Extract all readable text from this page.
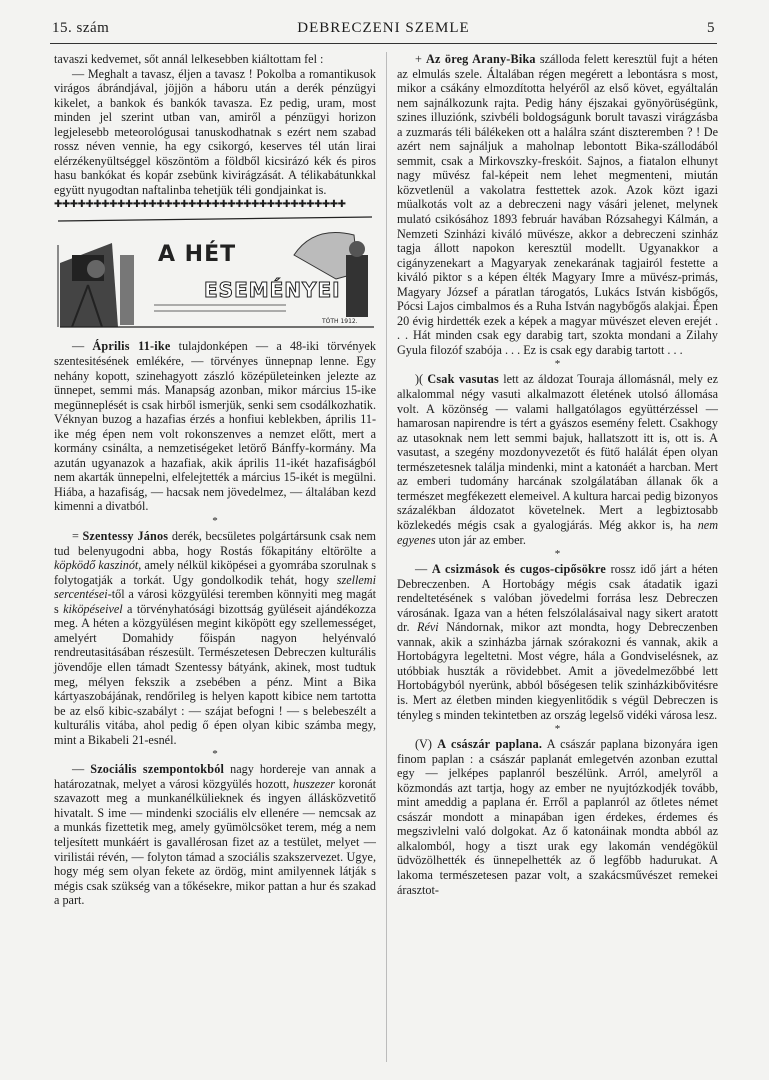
15. szám	DEBRECZENI SZEMLE	5

tavaszi kedvemet, sőt annál lelkesebben kiáltottam fel :

— Meghalt a tavasz, éljen a tavasz ! Pokolba a romantikusok virágos ábrándjával, jöjjön a háboru után a derék pénzügyi kikelet, a bankok és bankók tavasza. Ez pedig, uram, most minden jel szerint utban van, amiről a pénzügyi horizon legjelesebb meteorológusai tanuskodhatnak s ezért nem szabad rossz néven vennie, ha egy csikorgó, keserves tél után lirai elérzékenyültséggel köszöntöm a földből kicsirázó kék és piros hasu bankókat és kopár zsebünk kivirágzását. A télikabátunkkal együtt nyugodtan naftalinba tehetjük téli gondjainkat is.

✚✚✚✚✚✚✚✚✚✚✚✚✚✚✚✚✚✚✚✚✚✚✚✚✚✚✚✚✚✚✚✚✚✚✚✚✚
A HÉT
ESEMÉNYEI
TÓTH 1912.

— Április 11-ike tulajdonképen — a 48-iki törvények szentesitésének emlékére, — törvényes ünnepnap lenne. Egy nehány kopott, szinehagyott zászló középületeinken jelezte az ünnepet, semmi más. Manapság azonban, mikor március 15-ike megünneplését is csak hirből ismerjük, senki sem csodálkozhatik. Véknyan buzog a hazafias érzés a honfiui keblekben, április 11-ike még épen nem volt rokonszenves a nemzet előtt, mert a kormány csinálta, a nemzetiségeket letörő Bánffy-kormány. Ma azután ugyanazok a hazafiak, akik április 11-ikét hazafiságból nem akarták ünnepelni, elfelejtették a március 15-ikét is megülni. Hiába, a hazafiság, — hacsak nem jövedelmez, — általában kezd kimenni a divatból.

*

= Szentessy János derék, becsületes polgártársunk csak nem tud belenyugodni abba, hogy Rostás főkapitány eltörölte a köpködő kaszinót, amely nélkül kiköpései a gyomrába szorulnak s folytogatják a torkát. Ugy gondolkodik tehát, hogy szellemi sercentései-től a városi közgyülési teremben könnyiti meg magát s kiköpéseivel a törvényhatósági bizottság gyüléseit ajándékozza meg. A héten a közgyülésen megint kiköpött egy szellemességet, amelyért Domahidy főispán nagyon helyénvaló rendreutasitásában részesült. Természetesen Debreczen kulturális jövendője ellen támadt Szentessy bátyánk, akinek, most tudtuk meg, mélyen fekszik a zsebében a pénz. Mint a Bika kártyaszobájának, rendőrileg is helyen kapott kibice nem tartotta be az első kibic-szabályt : — szájat befogni ! — s belebeszélt a kulturális vitába, ahol pedig ő épen olyan kibic számba megy, mint a Bikabeli 21-esnél.

*

— Szociális szempontokból nagy hordereje van annak a határozatnak, melyet a városi közgyülés hozott, huszezer koronát szavazott meg a munkanélkülieknek és ingyen állásközvetitő hivatalt. S ime — mindenki szociális elv ellenére — nemcsak az a munkás fizettetik meg, amely gyümölcsöket terem, még a nem teljesített munkáért is gavallérosan fizet az a testület, melyet — virilistái révén, — folyton támad a szociális szakszervezet. Ugye, hogy még sem olyan fekete az ördög, mint amilyennek látják s mégis csak szükség van a tőkésekre, mikor pattan a hur és szakad a part.

+ Az öreg Arany-Bika szálloda felett keresztül fujt a héten az elmulás szele. Általában régen megérett a lebontásra s most, mikor a csákány elmozdította helyéről az első követ, egyáltalán nem sajnálkozunk rajta. Pedig hány éjszakai gyönyörüségünk, szines illuziónk, szivbéli boldogságunk borult tavaszi virágzásba a zuzmarás téli bálékeken ott a halálra szánt diszteremben ? ! De azért nem sajnáljuk a maholnap lebontott Bika-szállodából semmit, csak a Mirkovszky-freskóit. Sajnos, a fiatalon elhunyt nagy müvész fal-képeit nem lehet megmenteni, miután közvetlenül a vakolatra festtettek azok. Azok közt igazi müalkotás volt az a debreczeni nagy vásári jelenet, melynek mulató csikósához 1893 február havában Rózsahegyi Kálmán, a Nemzeti Szinházi kiváló müvésze, akkor a debreczeni szinház tagja állott napokon keresztül modellt. Ugyanakkor a cigányzenekart a Magyaryak zenekarának tagjairól festette a kiváló piktor s a képen élték Magyary Imre a müvész-primás, Magyary József a páratlan tárogatós, Lukács István kisbőgős, Pócsi Lajos cimbalmos és a Ruha István nagybőgős alakjai. Épen 20 évig hirdették ezek a képek a magyar müvészet eleven erejét . . . Hát minden csak egy darabig tart, szokta mondani a Zilahy Gyula filozóf szabója . . . Ez is csak egy darabig tartott . . .

*

)( Csak vasutas lett az áldozat Touraja állomásnál, mely ez alkalommal négy vasuti alkalmazott életének utolsó állomása volt. A közönség — valami hallgatólagos együttérzéssel — hamarosan napirendre is tért a gyászos esemény felett. Csakhogy az utasoknak nem lett semmi bajuk, hallatszott itt is, ott is. A vasutast, a szegény mozdonyvezetőt és fütő halálát épen olyan természetesnek találja mindenki, mint a katonáét a harcban. Mert az emberi tudomány harcának szolgálatában állanak ők a természet megfékezett elemeivel. A kultura harcai pedig bizonyos százalékban áldozatot követelnek. Mert a legbiztosabb közlekedés mégis csak a gyalogjárás. Még akkor is, ha nem egyenes uton jár az ember.

*

— A csizmások és cugos-cipősökre rossz idő járt a héten Debreczenben. A Hortobágy mégis csak átadatik igazi rendeltetésének s valóban jövedelmi forrása lesz Debreczen városának. Igaza van a héten felszólalásaival nagy sikert aratott dr. Révi Nándornak, mikor azt mondta, hogy Debreczenben vannak, akik a szinházba járnak szórakozni és vannak, akik a Hortobágyra legeltetni. Most végre, hála a Gondviselésnek, az utóbbiak huszták a rövidebbet. Amit a jövedelmezőbbé lett Hortobágyból nyerünk, abból bőségesen telik szinházkibővitésre is. Mert az életben minden kiegyenlitődik s végül Debreczen is tényleg s minden tekintetben az ország legelső vidéki városa lesz.

*

(V) A császár paplana. A császár paplana bizonyára igen finom paplan : a császár paplanát emlegetvén azonban ezuttal egy — jelképes paplanról beszélünk. Arról, amelyről a közmondás azt tartja, hogy az ember ne nyujtózkodjék tovább, mint ameddig a paplana ér. Erről a paplanról az őtletes német császár mondott a minapában igen érdekes, érdemes és megszivlelni való dolgokat. Az ő katonáinak mondta abból az alkalomból, hogy a tiszt urak egy lakomán vendégökül üdvözölhették és ünnepelhették az ő legfőbb hadurukat. A lakoma természetesen pazar volt, a szakácsművészet remekei árasztot-
